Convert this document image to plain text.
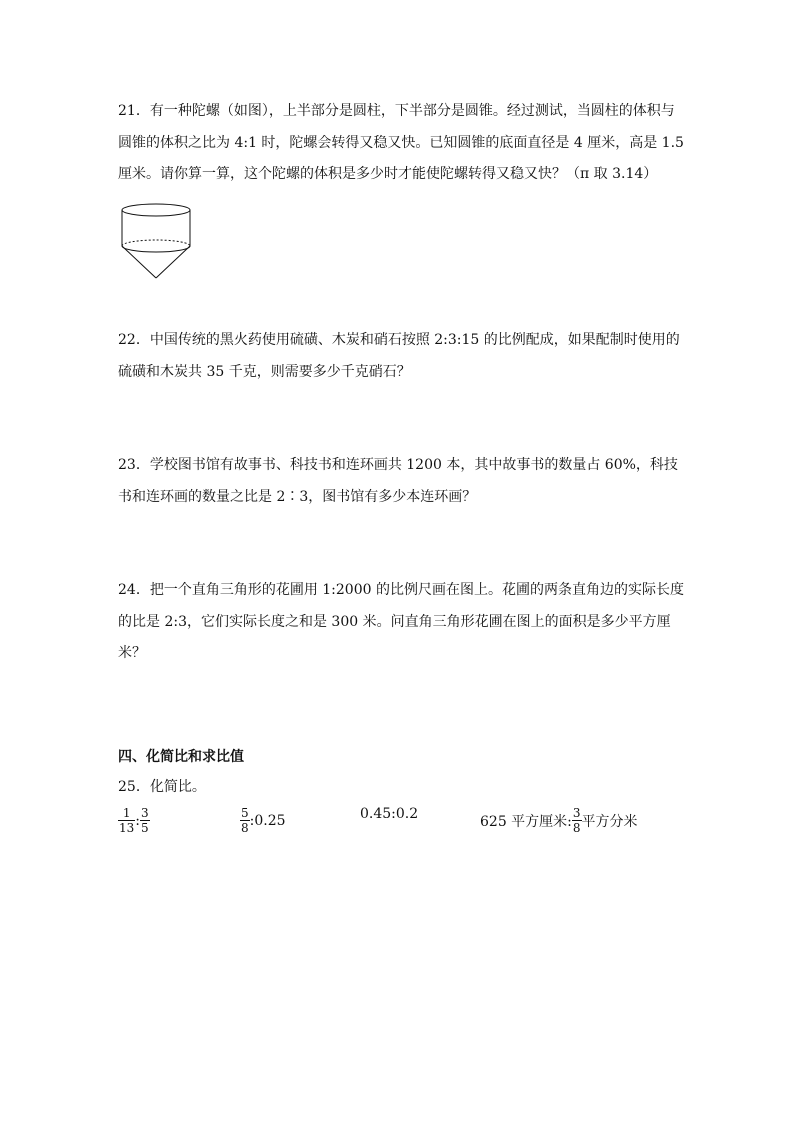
21．有一种陀螺（如图），上半部分是圆柱，下半部分是圆锥。经过测试，当圆柱的体积与
圆锥的体积之比为 4:1 时，陀螺会转得又稳又快。已知圆锥的底面直径是 4 厘米，高是 1.5
厘米。请你算一算，这个陀螺的体积是多少时才能使陀螺转得又稳又快？（π 取 3.14）
22．中国传统的黑火药使用硫磺、木炭和硝石按照 2:3:15 的比例配成，如果配制时使用的
硫磺和木炭共 35 千克，则需要多少千克硝石？
23．学校图书馆有故事书、科技书和连环画共 1200 本，其中故事书的数量占 60%，科技
书和连环画的数量之比是 2∶3，图书馆有多少本连环画？
24．把一个直角三角形的花圃用 1:2000 的比例尺画在图上。花圃的两条直角边的实际长度
的比是 2:3，它们实际长度之和是 300 米。问直角三角形花圃在图上的面积是多少平方厘
米？
四、化简比和求比值
25．化简比。
$\frac{1}{13}$ : $\frac{3}{5}$	$\frac{5}{8}$ :0.25	0.45:0.2	625 平方厘米: $\frac{3}{8}$ 平方分米
